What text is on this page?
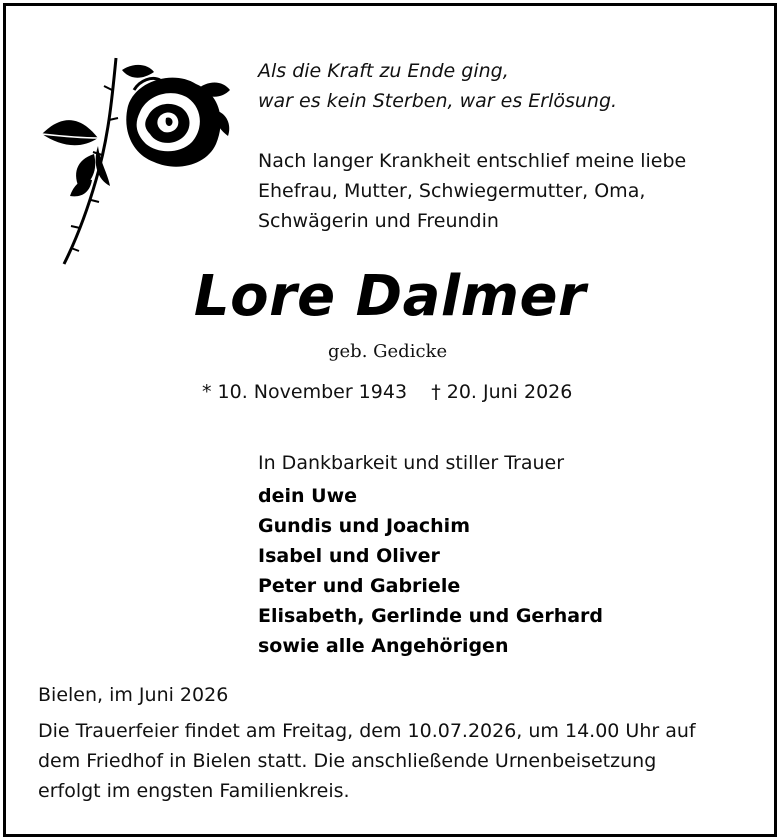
Als die Kraft zu Ende ging,
war es kein Sterben, war es Erlösung.
Nach langer Krankheit entschlief meine liebe
Ehefrau, Mutter, Schwiegermutter, Oma,
Schwägerin und Freundin
Lore Dalmer
geb. Gedicke
* 10. November 1943    † 20. Juni 2026
In Dankbarkeit und stiller Trauer
dein Uwe
Gundis und Joachim
Isabel und Oliver
Peter und Gabriele
Elisabeth, Gerlinde und Gerhard
sowie alle Angehörigen
Bielen, im Juni 2026
Die Trauerfeier findet am Freitag, dem 10.07.2026, um 14.00 Uhr auf
dem Friedhof in Bielen statt. Die anschließende Urnenbeisetzung
erfolgt im engsten Familienkreis.
